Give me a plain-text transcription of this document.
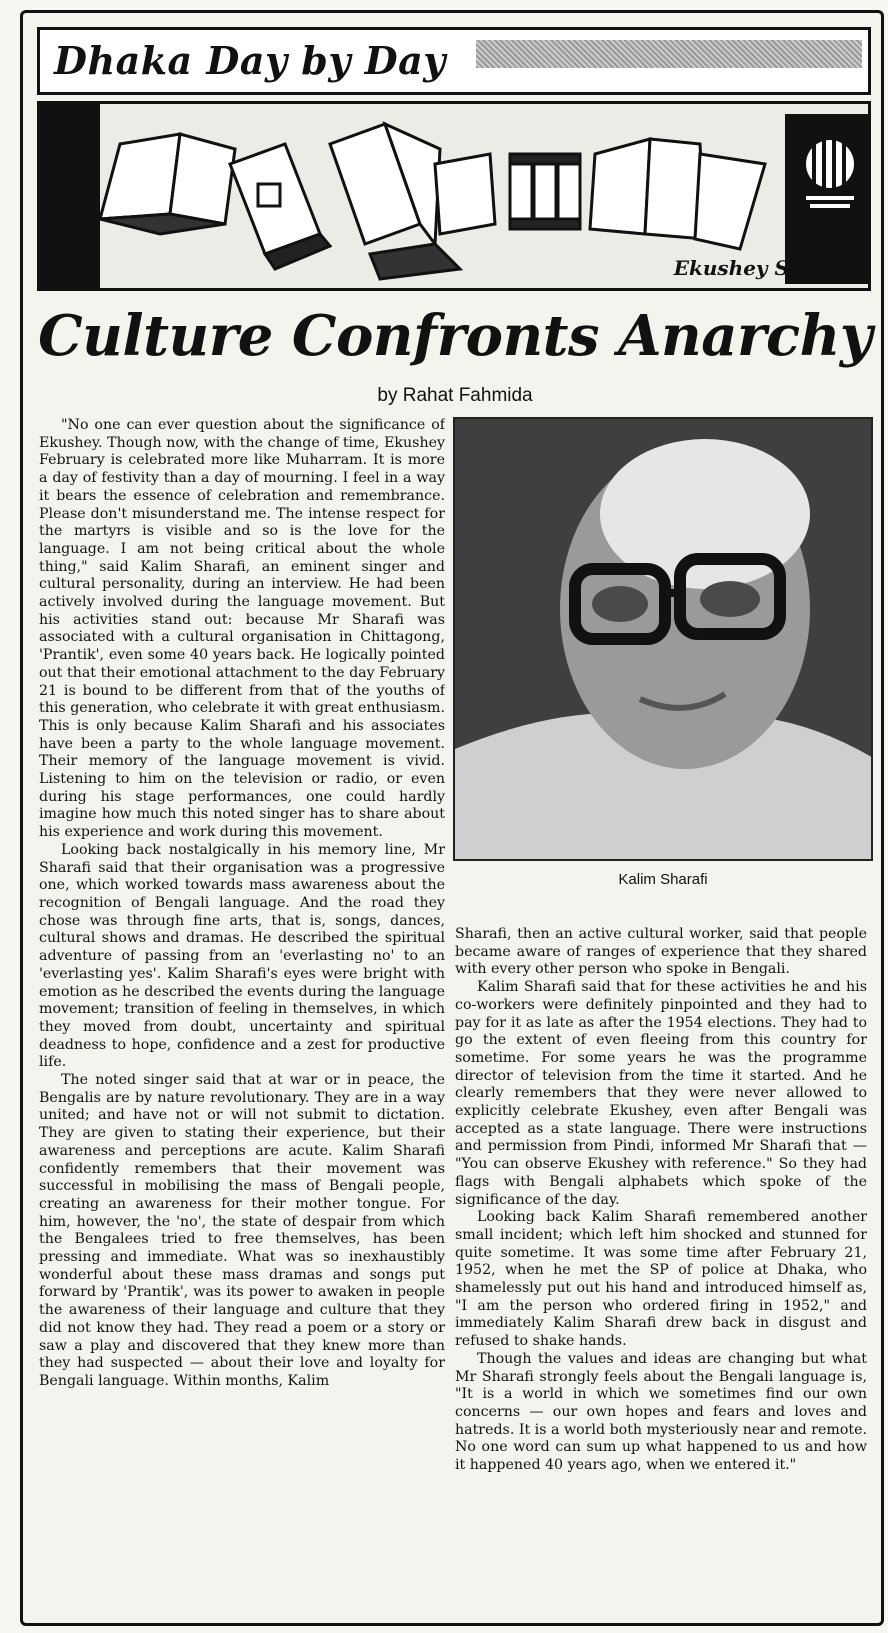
Dhaka Day by Day
Ekushey Special
Culture Confronts Anarchy
by Rahat Fahmida

"No one can ever question about the significance of Ekushey. Though now, with the change of time, Ekushey February is celebrated more like Muharram. It is more a day of festivity than a day of mourning. I feel in a way it bears the essence of celebration and remembrance. Please don't misunderstand me. The intense respect for the martyrs is visible and so is the love for the language. I am not being critical about the whole thing," said Kalim Sharafi, an eminent singer and cultural personality, during an interview. He had been actively involved during the language movement. But his activities stand out: because Mr Sharafi was associated with a cultural organisation in Chittagong, 'Prantik', even some 40 years back. He logically pointed out that their emotional attachment to the day February 21 is bound to be different from that of the youths of this generation, who celebrate it with great enthusiasm. This is only because Kalim Sharafi and his associates have been a party to the whole language movement. Their memory of the language movement is vivid. Listening to him on the television or radio, or even during his stage performances, one could hardly imagine how much this noted singer has to share about his experience and work during this movement.

Looking back nostalgically in his memory line, Mr Sharafi said that their organisation was a progressive one, which worked towards mass awareness about the recognition of Bengali language. And the road they chose was through fine arts, that is, songs, dances, cultural shows and dramas. He described the spiritual adventure of passing from an 'everlasting no' to an 'everlasting yes'. Kalim Sharafi's eyes were bright with emotion as he described the events during the language movement; transition of feeling in themselves, in which they moved from doubt, uncertainty and spiritual deadness to hope, confidence and a zest for productive life.

The noted singer said that at war or in peace, the Bengalis are by nature revolutionary. They are in a way united; and have not or will not submit to dictation. They are given to stating their experience, but their awareness and perceptions are acute. Kalim Sharafi confidently remembers that their movement was successful in mobilising the mass of Bengali people, creating an awareness for their mother tongue. For him, however, the 'no', the state of despair from which the Bengalees tried to free themselves, has been pressing and immediate. What was so inexhaustibly wonderful about these mass dramas and songs put forward by 'Prantik', was its power to awaken in people the awareness of their language and culture that they did not know they had. They read a poem or a story or saw a play and discovered that they knew more than they had suspected — about their love and loyalty for Bengali language. Within months, Kalim

Kalim Sharafi

Sharafi, then an active cultural worker, said that people became aware of ranges of experience that they shared with every other person who spoke in Bengali.

Kalim Sharafi said that for these activities he and his co-workers were definitely pinpointed and they had to pay for it as late as after the 1954 elections. They had to go the extent of even fleeing from this country for sometime. For some years he was the programme director of television from the time it started. And he clearly remembers that they were never allowed to explicitly celebrate Ekushey, even after Bengali was accepted as a state language. There were instructions and permission from Pindi, informed Mr Sharafi that — "You can observe Ekushey with reference." So they had flags with Bengali alphabets which spoke of the significance of the day.

Looking back Kalim Sharafi remembered another small incident; which left him shocked and stunned for quite sometime. It was some time after February 21, 1952, when he met the SP of police at Dhaka, who shamelessly put out his hand and introduced himself as, "I am the person who ordered firing in 1952," and immediately Kalim Sharafi drew back in disgust and refused to shake hands.

Though the values and ideas are changing but what Mr Sharafi strongly feels about the Bengali language is, "It is a world in which we sometimes find our own concerns — our own hopes and fears and loves and hatreds. It is a world both mysteriously near and remote. No one word can sum up what happened to us and how it happened 40 years ago, when we entered it."
